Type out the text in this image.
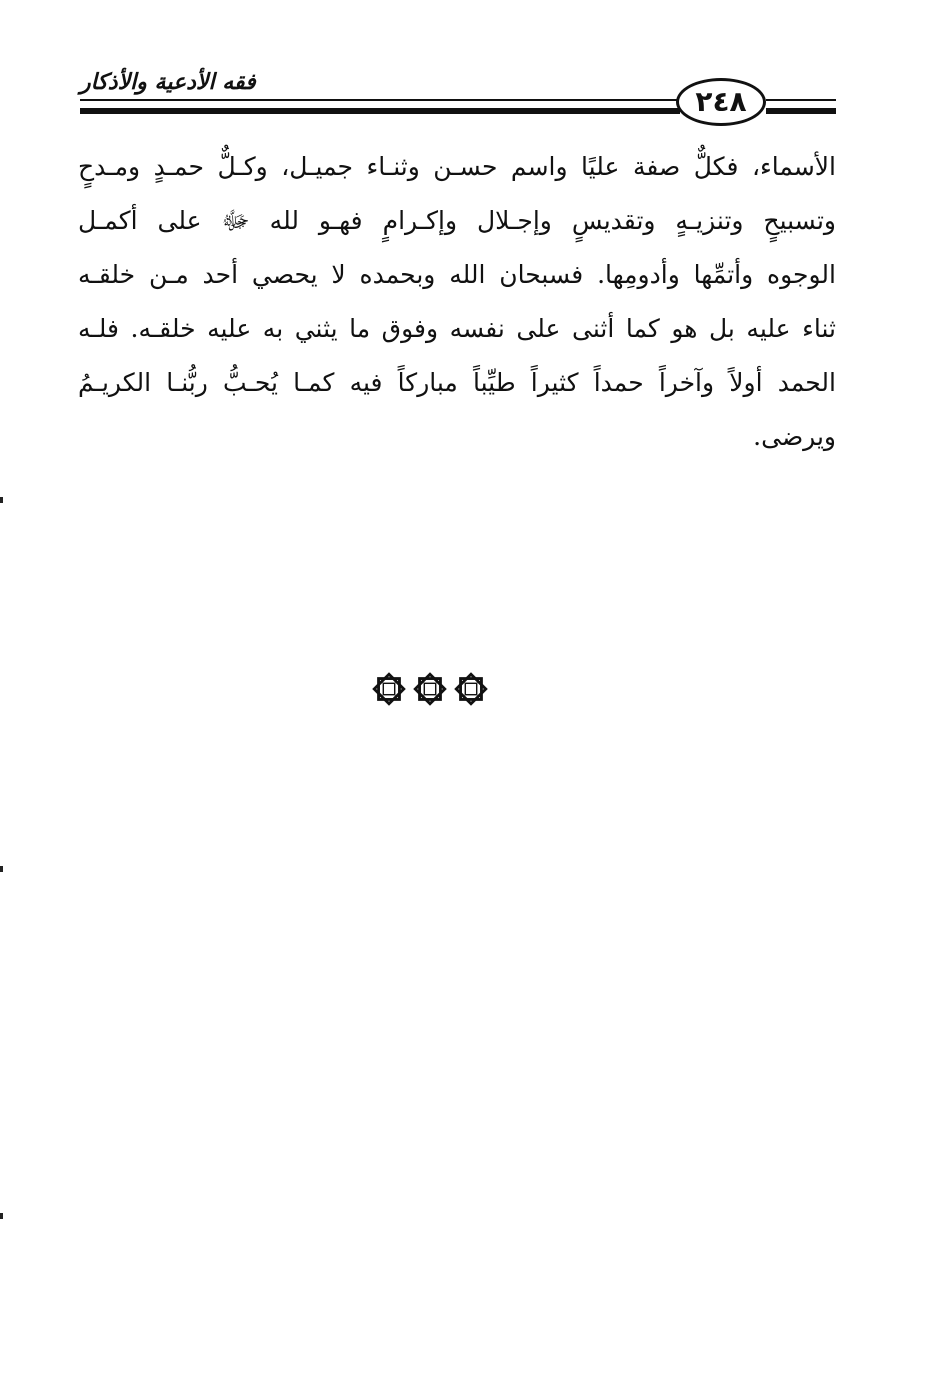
فقه الأدعية والأذكار
٢٤٨
الأسماء، فكلٌّ صفة عليًا واسم حسـن وثنـاء جميـل، وكـلٌّ حمـدٍ ومـدحٍ
وتسبيحٍ وتنزيـهٍ وتقديسٍ وإجـلال وإكـرامٍ فهـو لله ﷻ على أكمـل
الوجوه وأتمِّها وأدومِها. فسبحان الله وبحمده لا يحصي أحد مـن خلقـه
ثناء عليه بل هو كما أثنى على نفسه وفوق ما يثني به عليه خلقـه. فلـه
الحمد أولاً وآخراً حمداً كثيراً طيِّباً مباركاً فيه كمـا يُحـبُّ ربُّنـا الكريـمُ
ويرضى.
